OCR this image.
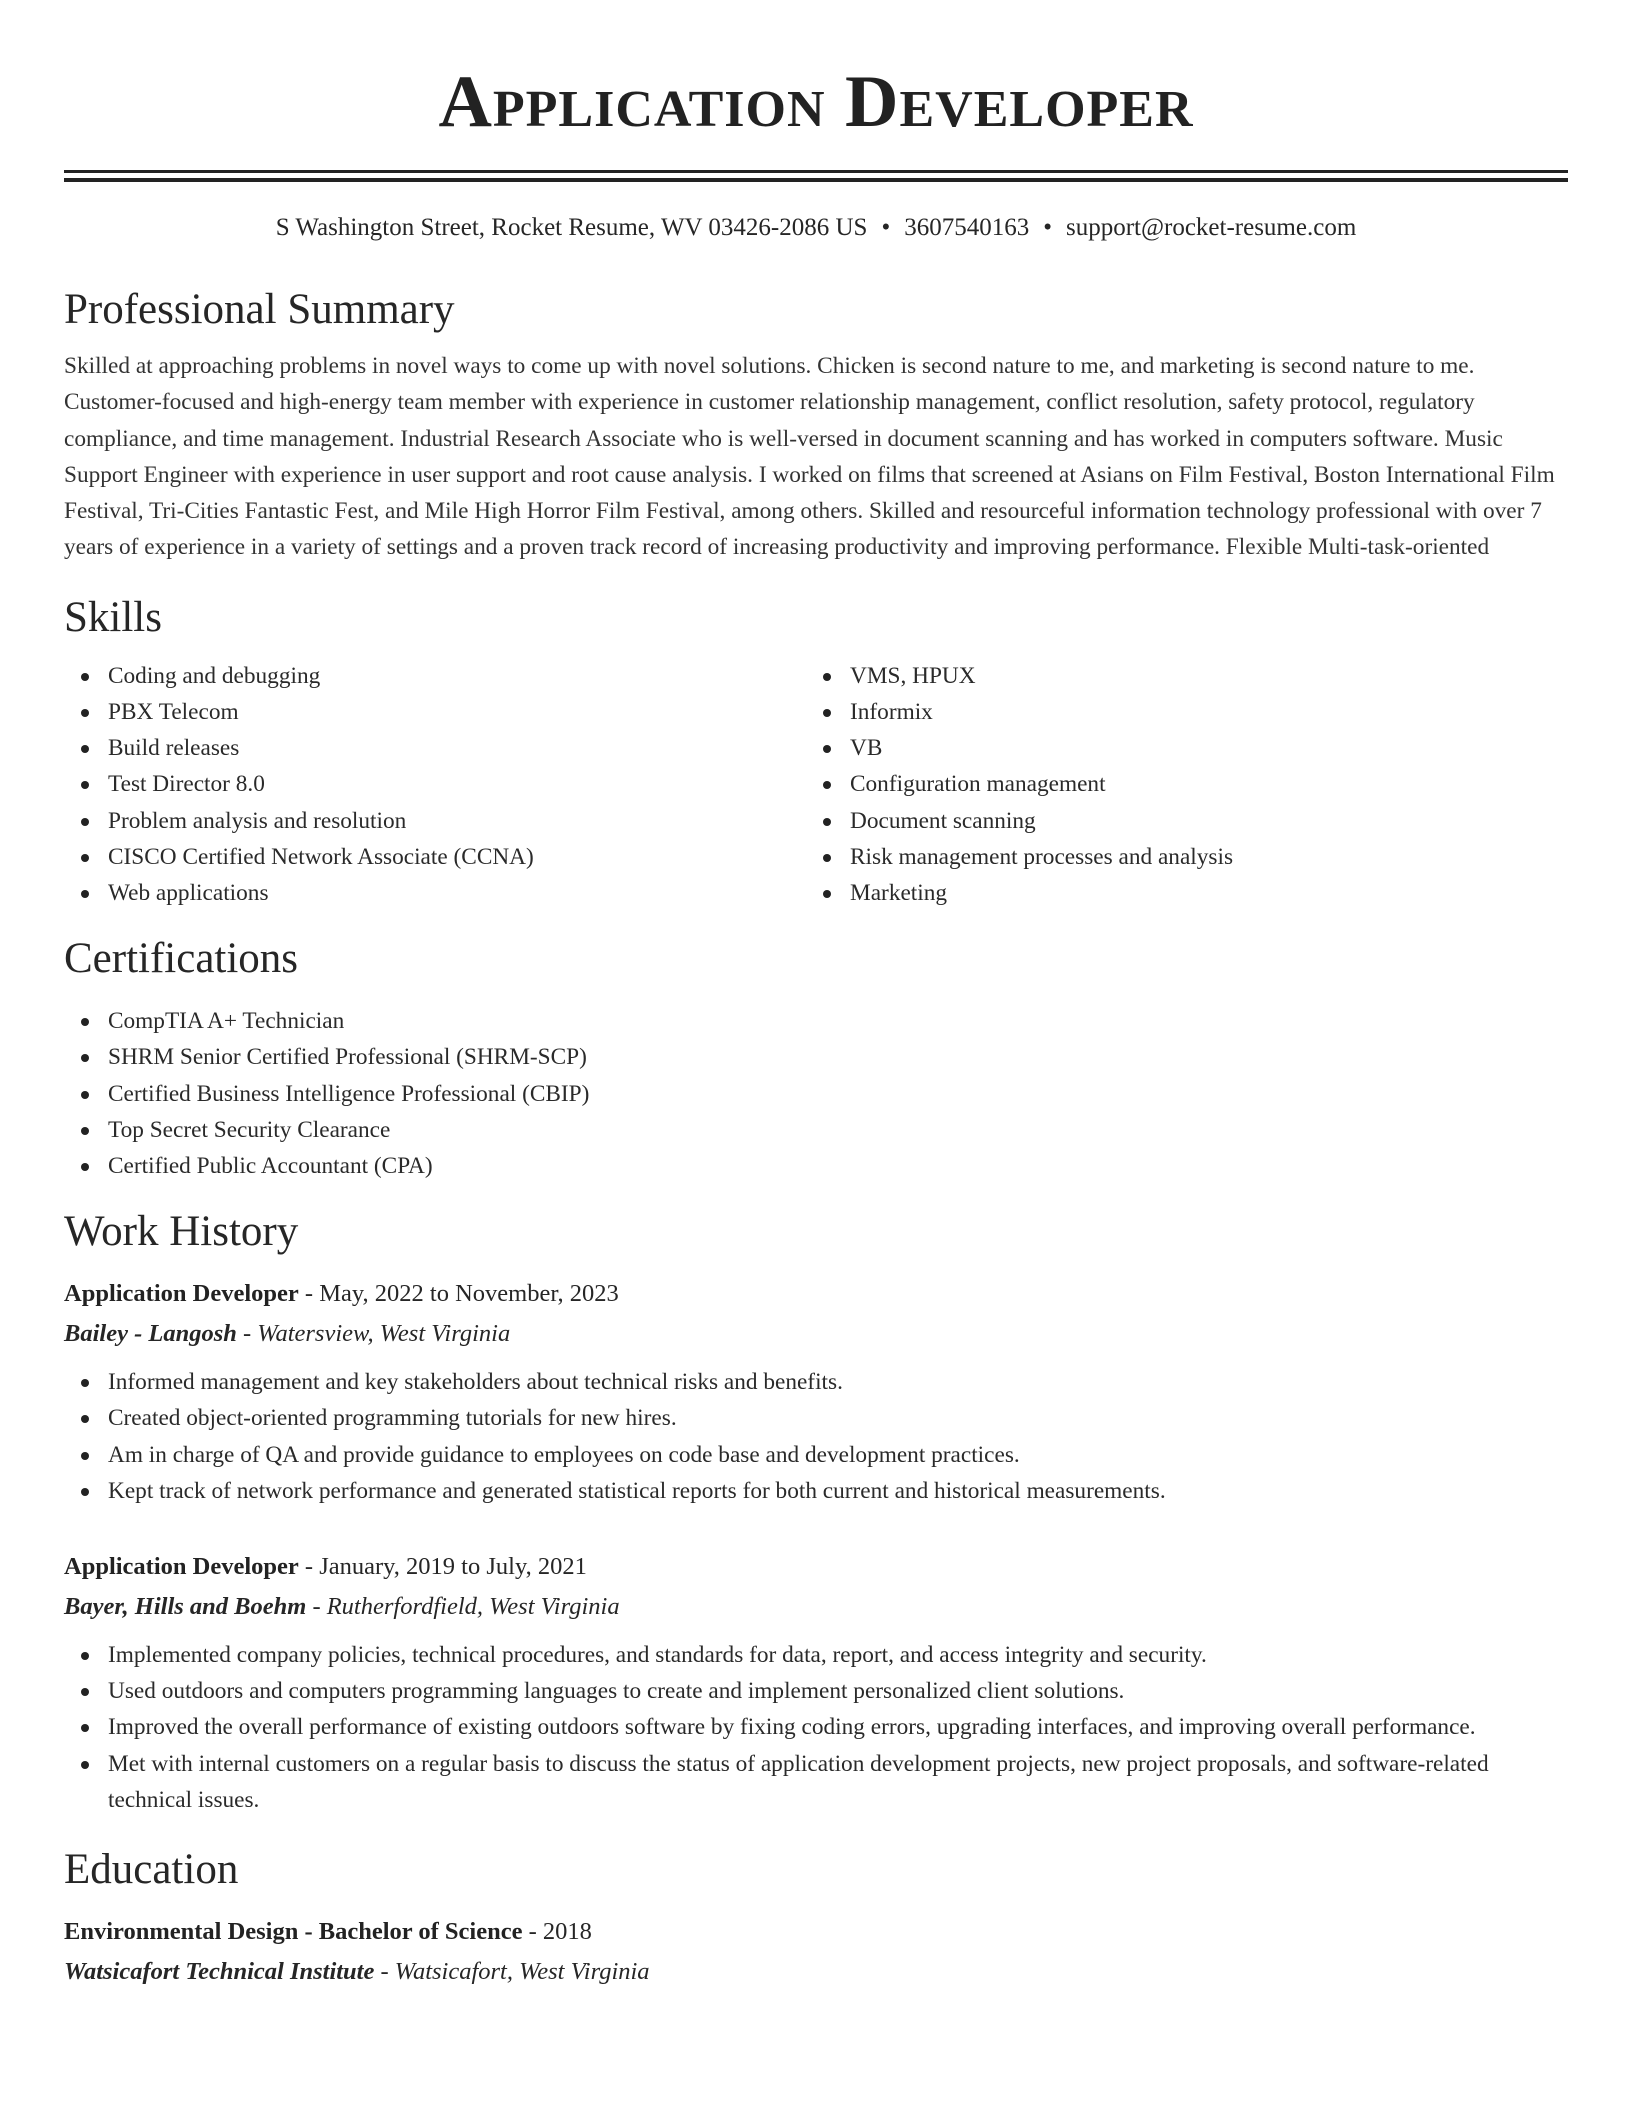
Application Developer
S Washington Street, Rocket Resume, WV 03426-2086 US • 3607540163 • support@rocket-resume.com
Professional Summary

Skilled at approaching problems in novel ways to come up with novel solutions. Chicken is second nature to me, and marketing is second nature to me. Customer-focused and high-energy team member with experience in customer relationship management, conflict resolution, safety protocol, regulatory compliance, and time management. Industrial Research Associate who is well-versed in document scanning and has worked in computers software. Music Support Engineer with experience in user support and root cause analysis. I worked on films that screened at Asians on Film Festival, Boston International Film Festival, Tri-Cities Fantastic Fest, and Mile High Horror Film Festival, among others. Skilled and resourceful information technology professional with over 7 years of experience in a variety of settings and a proven track record of increasing productivity and improving performance. Flexible Multi-task-oriented

Skills
Coding and debugging
PBX Telecom
Build releases
Test Director 8.0
Problem analysis and resolution
CISCO Certified Network Associate (CCNA)
Web applications
VMS, HPUX
Informix
VB
Configuration management
Document scanning
Risk management processes and analysis
Marketing
Certifications
CompTIA A+ Technician
SHRM Senior Certified Professional (SHRM-SCP)
Certified Business Intelligence Professional (CBIP)
Top Secret Security Clearance
Certified Public Accountant (CPA)
Work History
Application Developer - May, 2022 to November, 2023
Bailey - Langosh - Watersview, West Virginia
Informed management and key stakeholders about technical risks and benefits.
Created object-oriented programming tutorials for new hires.
Am in charge of QA and provide guidance to employees on code base and development practices.
Kept track of network performance and generated statistical reports for both current and historical measurements.
Application Developer - January, 2019 to July, 2021
Bayer, Hills and Boehm - Rutherfordfield, West Virginia
Implemented company policies, technical procedures, and standards for data, report, and access integrity and security.
Used outdoors and computers programming languages to create and implement personalized client solutions.
Improved the overall performance of existing outdoors software by fixing coding errors, upgrading interfaces, and improving overall performance.
Met with internal customers on a regular basis to discuss the status of application development projects, new project proposals, and software-related technical issues.
Education
Environmental Design - Bachelor of Science - 2018
Watsicafort Technical Institute - Watsicafort, West Virginia
